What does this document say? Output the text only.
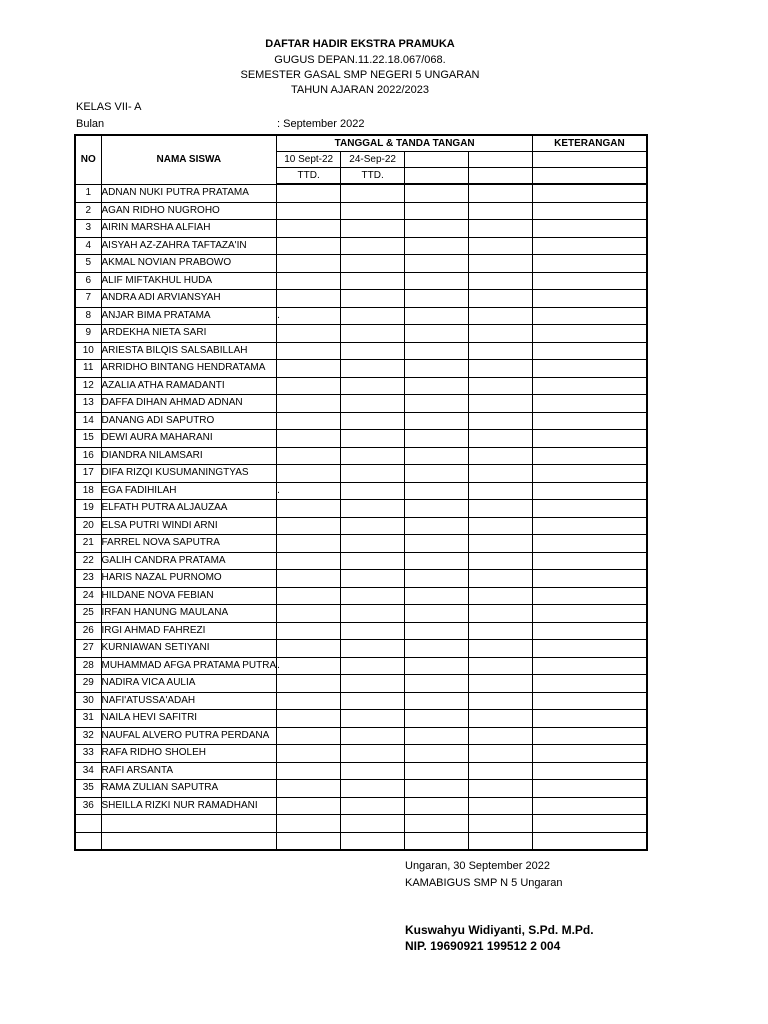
DAFTAR HADIR EKSTRA PRAMUKA
GUGUS DEPAN.11.22.18.067/068.
SEMESTER GASAL SMP NEGERI 5 UNGARAN
TAHUN AJARAN 2022/2023
KELAS VII- A
Bulan	: September 2022
NO	NAMA SISWA	TANGGAL & TANDA TANGAN				KETERANGAN
		10 Sept-22	24-Sep-22			
		TTD.	TTD.			
1	ADNAN NUKI PUTRA PRATAMA					
2	AGAN RIDHO NUGROHO					
3	AIRIN MARSHA ALFIAH					
4	AISYAH AZ-ZAHRA TAFTAZA'IN					
5	AKMAL NOVIAN PRABOWO					
6	ALIF MIFTAKHUL HUDA					
7	ANDRA ADI ARVIANSYAH					
8	ANJAR BIMA PRATAMA	.				
9	ARDEKHA NIETA SARI					
10	ARIESTA BILQIS SALSABILLAH					
11	ARRIDHO BINTANG HENDRATAMA					
12	AZALIA ATHA RAMADANTI					
13	DAFFA DIHAN AHMAD ADNAN					
14	DANANG ADI SAPUTRO					
15	DEWI AURA MAHARANI					
16	DIANDRA NILAMSARI					
17	DIFA RIZQI KUSUMANINGTYAS					
18	EGA FADIHILAH	.				
19	ELFATH PUTRA ALJAUZAA					
20	ELSA PUTRI WINDI ARNI					
21	FARREL NOVA SAPUTRA					
22	GALIH CANDRA PRATAMA					
23	HARIS NAZAL PURNOMO					
24	HILDANE NOVA FEBIAN					
25	IRFAN HANUNG MAULANA					
26	IRGI AHMAD FAHREZI					
27	KURNIAWAN SETIYANI					
28	MUHAMMAD AFGA PRATAMA PUTRA	.				
29	NADIRA VICA AULIA					
30	NAFI'ATUSSA'ADAH					
31	NAILA HEVI SAFITRI					
32	NAUFAL ALVERO PUTRA PERDANA					
33	RAFA RIDHO SHOLEH					
34	RAFI ARSANTA					
35	RAMA ZULIAN SAPUTRA					
36	SHEILLA RIZKI NUR RAMADHANI					

Ungaran, 30 September 2022
KAMABIGUS SMP N 5 Ungaran
Kuswahyu Widiyanti, S.Pd. M.Pd.
NIP. 19690921 199512 2 004
